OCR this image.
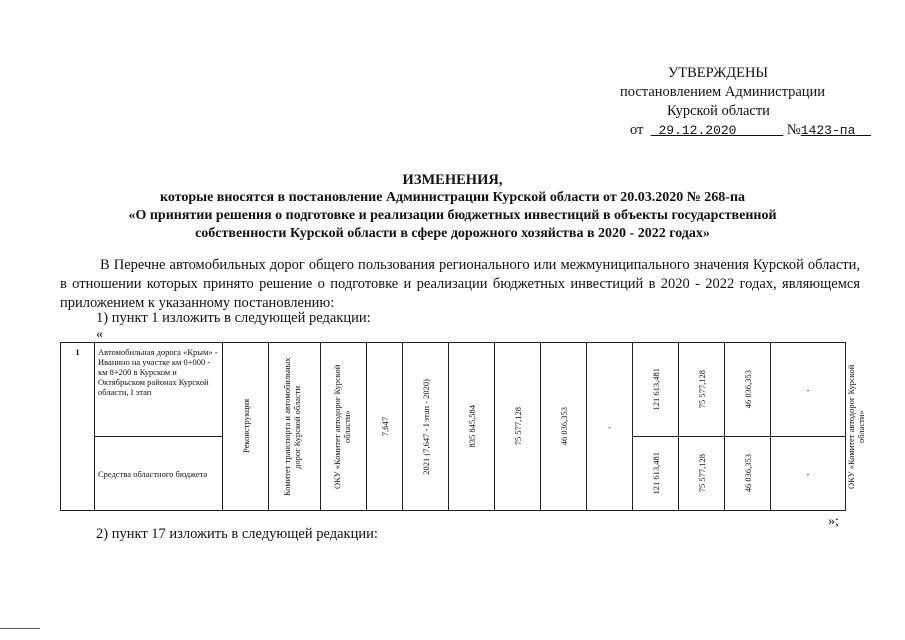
УТВЕРЖДЕНЫ
постановлением Администрации
Курской области
от 29.12.2020	№1423-па
ИЗМЕНЕНИЯ,
которые вносятся в постановление Администрации Курской области от 20.03.2020 № 268-па
«О принятии решения о подготовке и реализации бюджетных инвестиций в объекты государственной
собственности Курской области в сфере дорожного хозяйства в 2020 - 2022 годах»
В Перечне автомобильных дорог общего пользования регионального или межмуниципального значения Курской области, в отношении которых принято решение о подготовке и реализации бюджетных инвестиций в 2020 - 2022 годах, являющемся приложением к указанному постановлению:
1) пункт 1 изложить в следующей редакции:
«
1	Автомобильная дорога «Крым» - Иванино на участке км 0+000 - км 8+200 в Курском и Октябрьском районах Курской области, I этап	Реконструкция	Комитет транспорта и автомобильных дорог Курской области	ОКУ «Комитет автодорог Курской области»	7,647	2021 (7,647 - I этап - 2020)	835 845,584	75 577,128	46 036,353	-	121 613,481	75 577,128	46 036,353	-	ОКУ «Комитет автодорог Курской области»

	Средства областного бюджета										121 613,481	75 577,128	46 036,353	-	
»;
2) пункт 17 изложить в следующей редакции:
